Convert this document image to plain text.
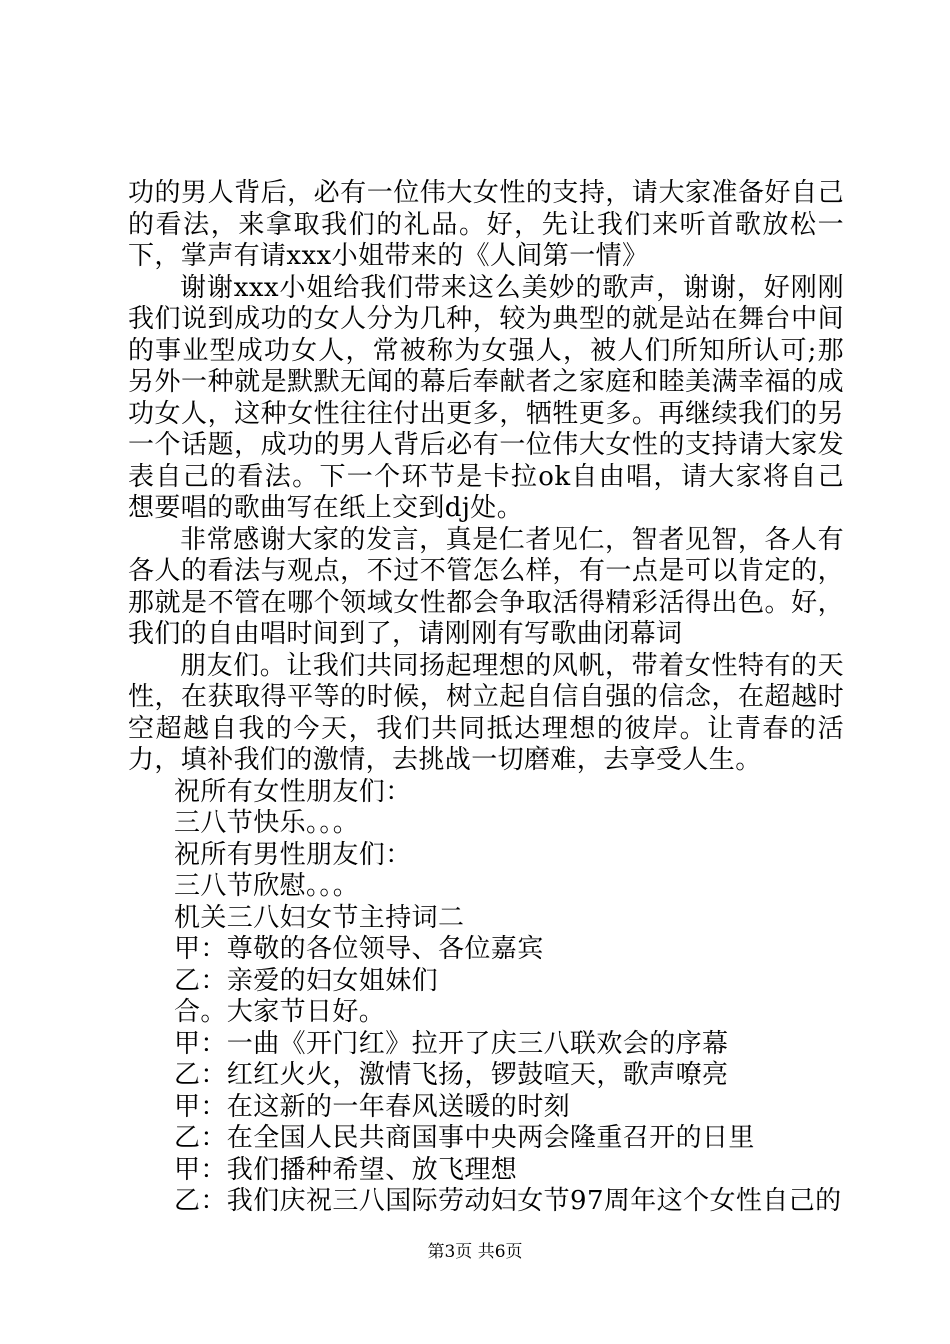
功的男人背后，必有一位伟大女性的支持，请大家准备好自己的看法，来拿取我们的礼品。好，先让我们来听首歌放松一下，掌声有请xxx小姐带来的《人间第一情》

谢谢xxx小姐给我们带来这么美妙的歌声，谢谢，好刚刚我们说到成功的女人分为几种，较为典型的就是站在舞台中间的事业型成功女人，常被称为女强人，被人们所知所认可;那另外一种就是默默无闻的幕后奉献者之家庭和睦美满幸福的成功女人，这种女性往往付出更多，牺牲更多。再继续我们的另一个话题，成功的男人背后必有一位伟大女性的支持请大家发表自己的看法。下一个环节是卡拉ok自由唱，请大家将自己想要唱的歌曲写在纸上交到dj处。

非常感谢大家的发言，真是仁者见仁，智者见智，各人有各人的看法与观点，不过不管怎么样，有一点是可以肯定的，那就是不管在哪个领域女性都会争取活得精彩活得出色。好，我们的自由唱时间到了，请刚刚有写歌曲闭幕词

朋友们。让我们共同扬起理想的风帆，带着女性特有的天性，在获取得平等的时候，树立起自信自强的信念，在超越时空超越自我的今天，我们共同抵达理想的彼岸。让青春的活力，填补我们的激情，去挑战一切磨难，去享受人生。

祝所有女性朋友们：

三八节快乐。。。

祝所有男性朋友们：

三八节欣慰。。。

机关三八妇女节主持词二

甲：尊敬的各位领导、各位嘉宾

乙：亲爱的妇女姐妹们

合。大家节日好。

甲：一曲《开门红》拉开了庆三八联欢会的序幕

乙：红红火火，激情飞扬，锣鼓喧天，歌声嘹亮

甲：在这新的一年春风送暖的时刻

乙：在全国人民共商国事中央两会隆重召开的日里

甲：我们播种希望、放飞理想

乙：我们庆祝三八国际劳动妇女节97周年这个女性自己的

第3页 共6页
